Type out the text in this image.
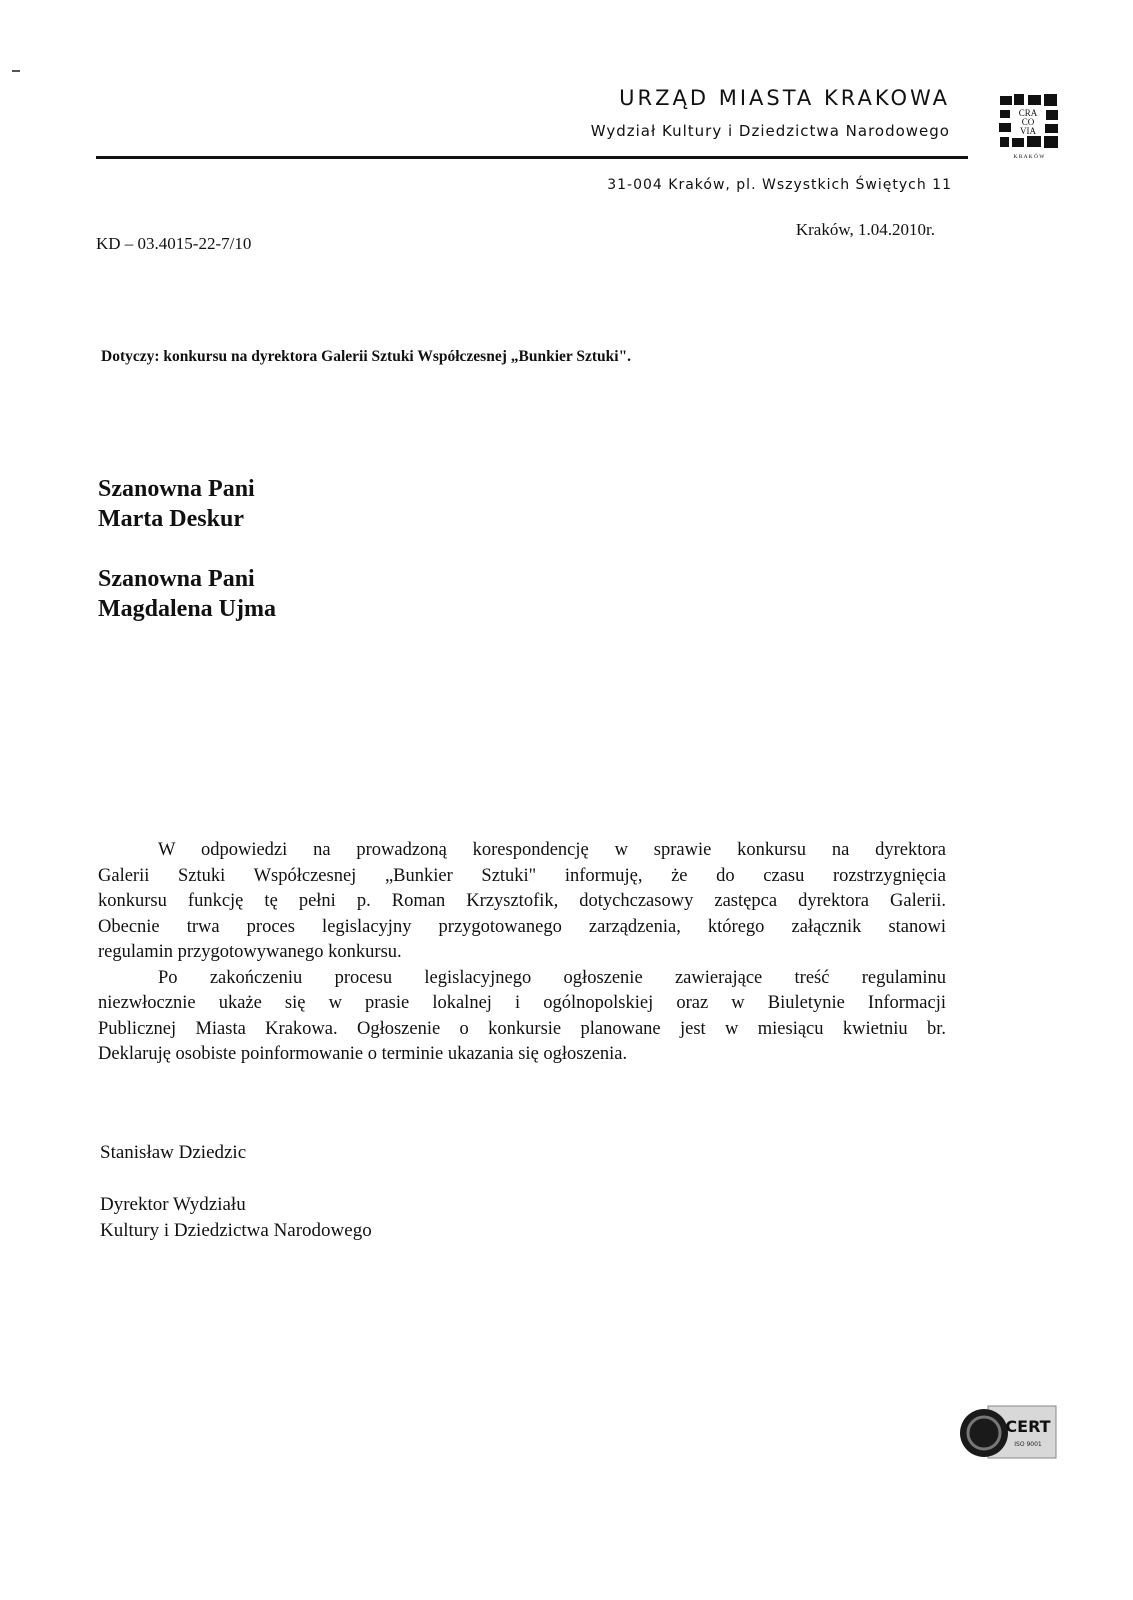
URZĄD MIASTA KRAKOWA
Wydział Kultury i Dziedzictwa Narodowego
31-004 Kraków, pl. Wszystkich Świętych 11
CRA
CO
VIA
K R A K Ó W
KD – 03.4015-22-7/10
Kraków, 1.04.2010r.
Dotyczy: konkursu na dyrektora Galerii Sztuki Współczesnej „Bunkier Sztuki".
Szanowna Pani
Marta Deskur
Szanowna Pani
Magdalena Ujma

W odpowiedzi na prowadzoną korespondencję w sprawie konkursu na dyrektora

Galerii Sztuki Współczesnej „Bunkier Sztuki" informuję, że do czasu rozstrzygnięcia

konkursu funkcję tę pełni p. Roman Krzysztofik, dotychczasowy zastępca dyrektora Galerii.

Obecnie trwa proces legislacyjny przygotowanego zarządzenia, którego załącznik stanowi

regulamin przygotowywanego konkursu.

Po zakończeniu procesu legislacyjnego ogłoszenie zawierające treść regulaminu

niezwłocznie ukaże się w prasie lokalnej i ogólnopolskiej oraz w Biuletynie Informacji

Publicznej Miasta Krakowa. Ogłoszenie o konkursie planowane jest w miesiącu kwietniu br.

Deklaruję osobiste poinformowanie o terminie ukazania się ogłoszenia.

Stanisław Dziedzic
Dyrektor Wydziału
Kultury i Dziedzictwa Narodowego
CERT
ISO 9001
